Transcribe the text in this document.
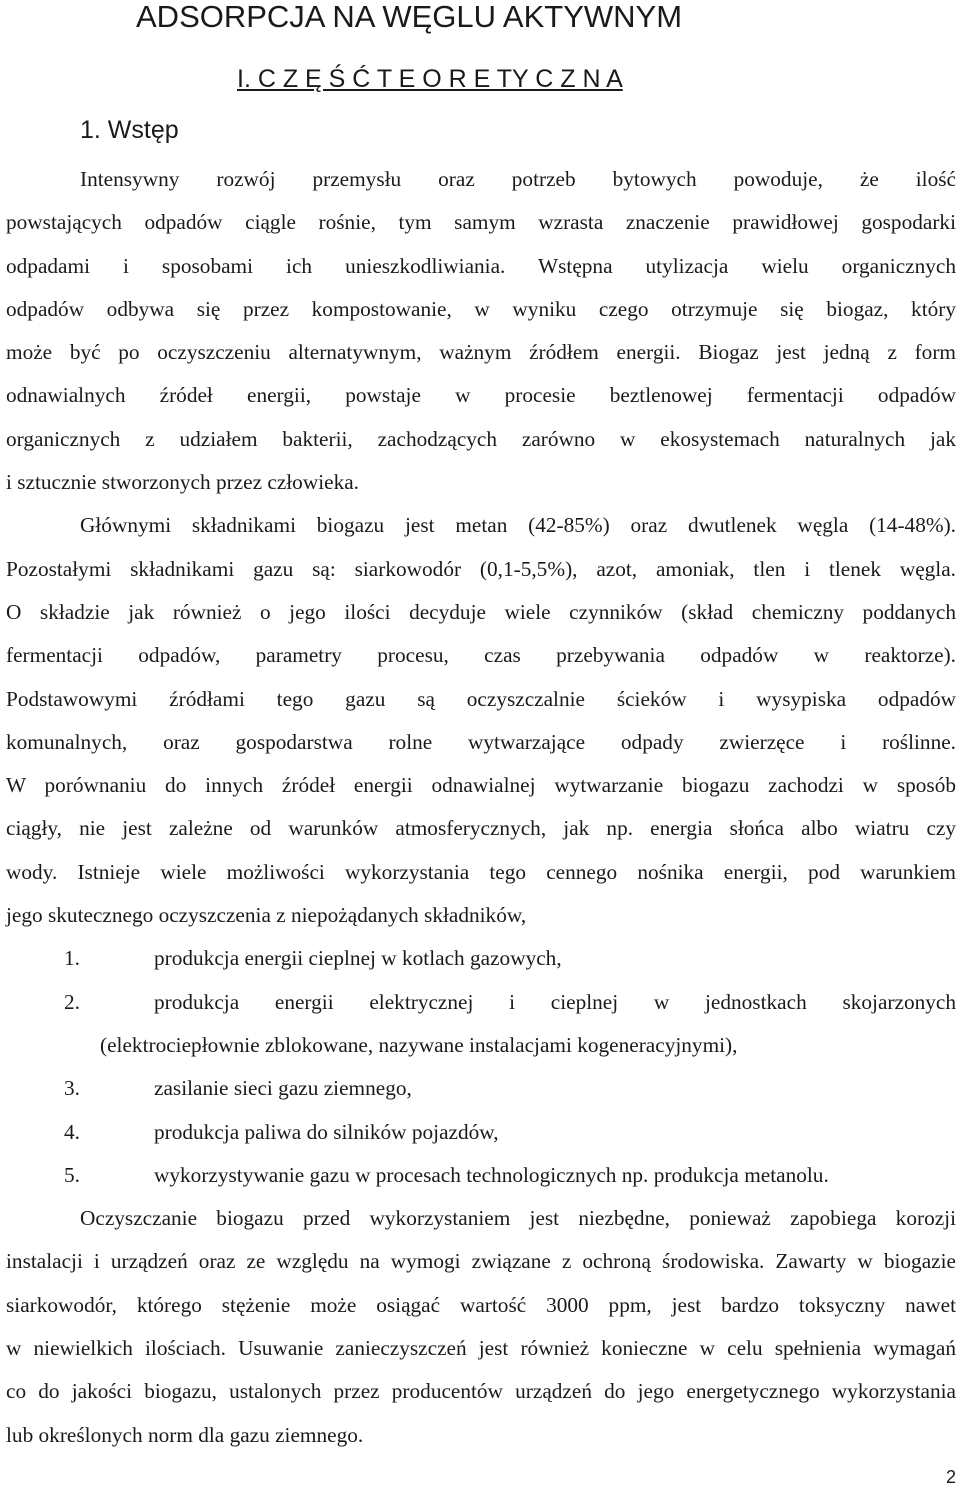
ADSORPCJA NA WĘGLU AKTYWNYM
I. C Z Ę Ś Ć T E O R E TY C Z N A
1. Wstęp
Intensywny rozwój przemysłu oraz potrzeb bytowych powoduje, że ilość
powstających odpadów ciągle rośnie, tym samym wzrasta znaczenie prawidłowej gospodarki
odpadami i sposobami ich unieszkodliwiania. Wstępna utylizacja wielu organicznych
odpadów odbywa się przez kompostowanie, w wyniku czego otrzymuje się biogaz, który
może być po oczyszczeniu alternatywnym, ważnym źródłem energii. Biogaz jest jedną z form
odnawialnych źródeł energii, powstaje w procesie beztlenowej fermentacji odpadów
organicznych z udziałem bakterii, zachodzących zarówno w ekosystemach naturalnych jak
i sztucznie stworzonych przez człowieka.
Głównymi składnikami biogazu jest metan (42-85%) oraz dwutlenek węgla (14-48%).
Pozostałymi składnikami gazu są: siarkowodór (0,1-5,5%), azot, amoniak, tlen i tlenek węgla.
O składzie jak również o jego ilości decyduje wiele czynników (skład chemiczny poddanych
fermentacji odpadów, parametry procesu, czas przebywania odpadów w reaktorze).
Podstawowymi źródłami tego gazu są oczyszczalnie ścieków i wysypiska odpadów
komunalnych, oraz gospodarstwa rolne wytwarzające odpady zwierzęce i roślinne.
W porównaniu do innych źródeł energii odnawialnej wytwarzanie biogazu zachodzi w sposób
ciągły, nie jest zależne od warunków atmosferycznych, jak np. energia słońca albo wiatru czy
wody. Istnieje wiele możliwości wykorzystania tego cennego nośnika energii, pod warunkiem
jego skutecznego oczyszczenia z niepożądanych składników,
1.	produkcja energii cieplnej w kotlach gazowych,
2.	produkcja energii elektrycznej i cieplnej w jednostkach skojarzonych
(elektrociepłownie zblokowane, nazywane instalacjami kogeneracyjnymi),
3.	zasilanie sieci gazu ziemnego,
4.	produkcja paliwa do silników pojazdów,
5.	wykorzystywanie gazu w procesach technologicznych np. produkcja metanolu.
Oczyszczanie biogazu przed wykorzystaniem jest niezbędne, ponieważ zapobiega korozji
instalacji i urządzeń oraz ze względu na wymogi związane z ochroną środowiska. Zawarty w biogazie
siarkowodór, którego stężenie może osiągać wartość 3000 ppm, jest bardzo toksyczny nawet
w niewielkich ilościach. Usuwanie zanieczyszczeń jest również konieczne w celu spełnienia wymagań
co do jakości biogazu, ustalonych przez producentów urządzeń do jego energetycznego wykorzystania
lub określonych norm dla gazu ziemnego.
2
